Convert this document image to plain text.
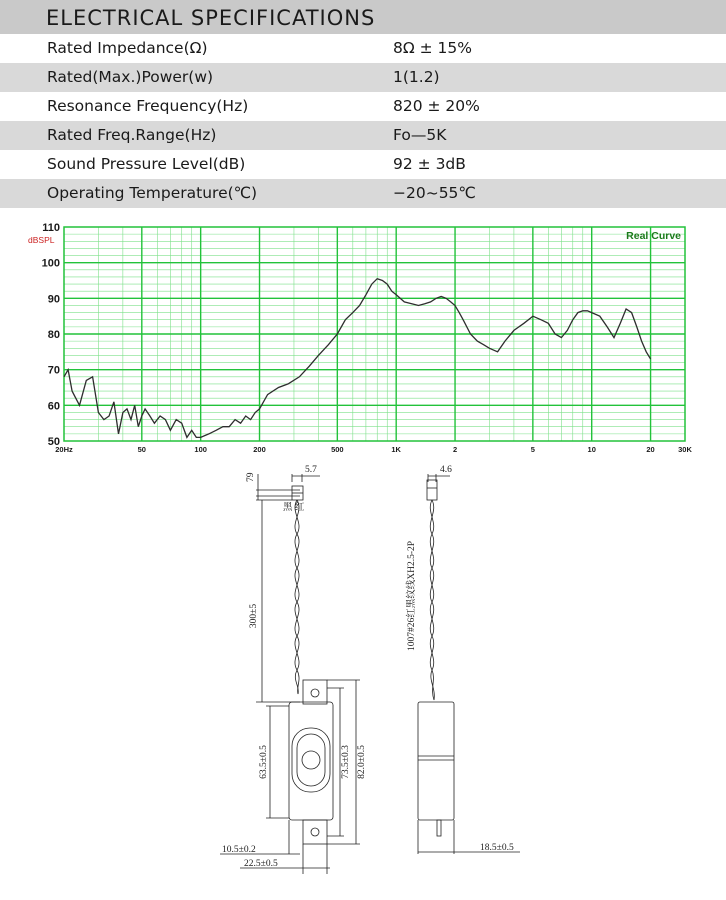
ELECTRICAL SPECIFICATIONS
Rated Impedance(Ω)	8Ω ± 15%
Rated(Max.)Power(w)	1(1.2)
Resonance Frequency(Hz)	820 ± 20%
Rated Freq.Range(Hz)	Fo—5K
Sound Pressure Level(dB)	92 ± 3dB
Operating Temperature(℃)	−20~55℃
Real Curve
dBSPL
110
100
90
80
70
60
50
20Hz	50	100	200	500	1K	2	5	10	20	30K
5.7
79
黑 红
300±5
63.5±0.5	73.5±0.3 82.0±0.5
10.5±0.2
22.5±0.5
4.6
1007#26红黑纹线XH2.5-2P
18.5±0.5
